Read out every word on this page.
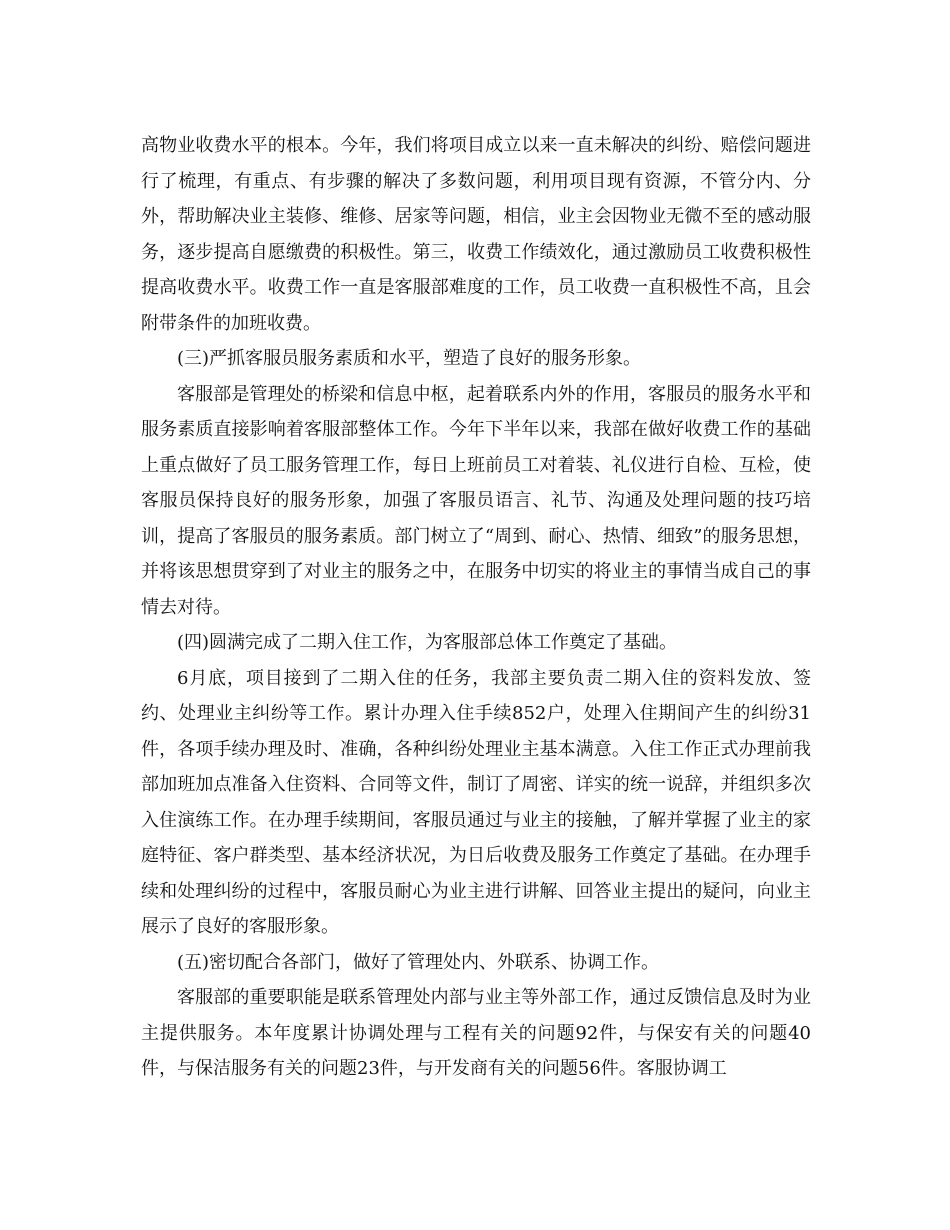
高物业收费水平的根本。今年，我们将项目成立以来一直未解决的纠纷、赔偿问题进行了梳理，有重点、有步骤的解决了多数问题，利用项目现有资源，不管分内、分外，帮助解决业主装修、维修、居家等问题，相信，业主会因物业无微不至的感动服务，逐步提高自愿缴费的积极性。第三，收费工作绩效化，通过激励员工收费积极性提高收费水平。收费工作一直是客服部难度的工作，员工收费一直积极性不高，且会附带条件的加班收费。

(三)严抓客服员服务素质和水平，塑造了良好的服务形象。

客服部是管理处的桥梁和信息中枢，起着联系内外的作用，客服员的服务水平和服务素质直接影响着客服部整体工作。今年下半年以来，我部在做好收费工作的基础上重点做好了员工服务管理工作，每日上班前员工对着装、礼仪进行自检、互检，使客服员保持良好的服务形象，加强了客服员语言、礼节、沟通及处理问题的技巧培训，提高了客服员的服务素质。部门树立了“周到、耐心、热情、细致”的服务思想，并将该思想贯穿到了对业主的服务之中，在服务中切实的将业主的事情当成自己的事情去对待。

(四)圆满完成了二期入住工作，为客服部总体工作奠定了基础。

6月底，项目接到了二期入住的任务，我部主要负责二期入住的资料发放、签约、处理业主纠纷等工作。累计办理入住手续852户，处理入住期间产生的纠纷31件，各项手续办理及时、准确，各种纠纷处理业主基本满意。入住工作正式办理前我部加班加点准备入住资料、合同等文件，制订了周密、详实的统一说辞，并组织多次入住演练工作。在办理手续期间，客服员通过与业主的接触，了解并掌握了业主的家庭特征、客户群类型、基本经济状况，为日后收费及服务工作奠定了基础。在办理手续和处理纠纷的过程中，客服员耐心为业主进行讲解、回答业主提出的疑问，向业主展示了良好的客服形象。

(五)密切配合各部门，做好了管理处内、外联系、协调工作。

客服部的重要职能是联系管理处内部与业主等外部工作，通过反馈信息及时为业主提供服务。本年度累计协调处理与工程有关的问题92件，与保安有关的问题40件，与保洁服务有关的问题23件，与开发商有关的问题56件。客服协调工
